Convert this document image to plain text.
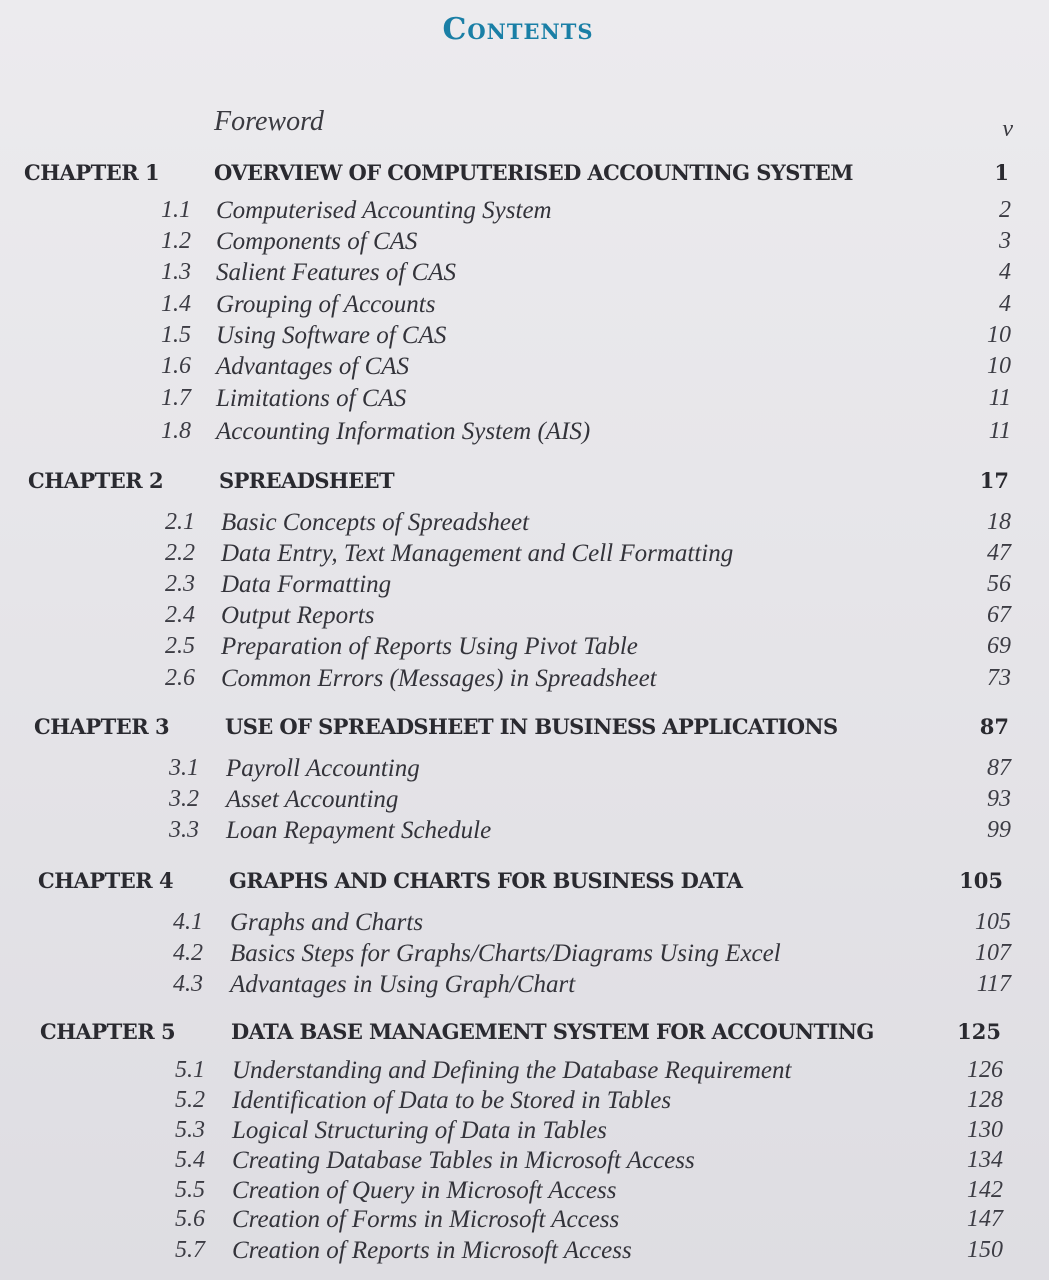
Contents
Foreword	v
CHAPTER 1	OVERVIEW OF COMPUTERISED ACCOUNTING SYSTEM	1
1.1 Computerised Accounting System	2
1.2 Components of CAS	3
1.3 Salient Features of CAS	4
1.4 Grouping of Accounts	4
1.5 Using Software of CAS	10
1.6 Advantages of CAS	10
1.7 Limitations of CAS	11
1.8 Accounting Information System (AIS)	11
CHAPTER 2	SPREADSHEET	17
2.1 Basic Concepts of Spreadsheet	18
2.2 Data Entry, Text Management and Cell Formatting	47
2.3 Data Formatting	56
2.4 Output Reports	67
2.5 Preparation of Reports Using Pivot Table	69
2.6 Common Errors (Messages) in Spreadsheet	73
CHAPTER 3	USE OF SPREADSHEET IN BUSINESS APPLICATIONS	87
3.1 Payroll Accounting	87
3.2 Asset Accounting	93
3.3 Loan Repayment Schedule	99
CHAPTER 4	GRAPHS AND CHARTS FOR BUSINESS DATA	105
4.1 Graphs and Charts	105
4.2 Basics Steps for Graphs/Charts/Diagrams Using Excel	107
4.3 Advantages in Using Graph/Chart	117
CHAPTER 5	DATA BASE MANAGEMENT SYSTEM FOR ACCOUNTING	125
5.1 Understanding and Defining the Database Requirement	126
5.2 Identification of Data to be Stored in Tables	128
5.3 Logical Structuring of Data in Tables	130
5.4 Creating Database Tables in Microsoft Access	134
5.5 Creation of Query in Microsoft Access	142
5.6 Creation of Forms in Microsoft Access	147
5.7 Creation of Reports in Microsoft Access	150
